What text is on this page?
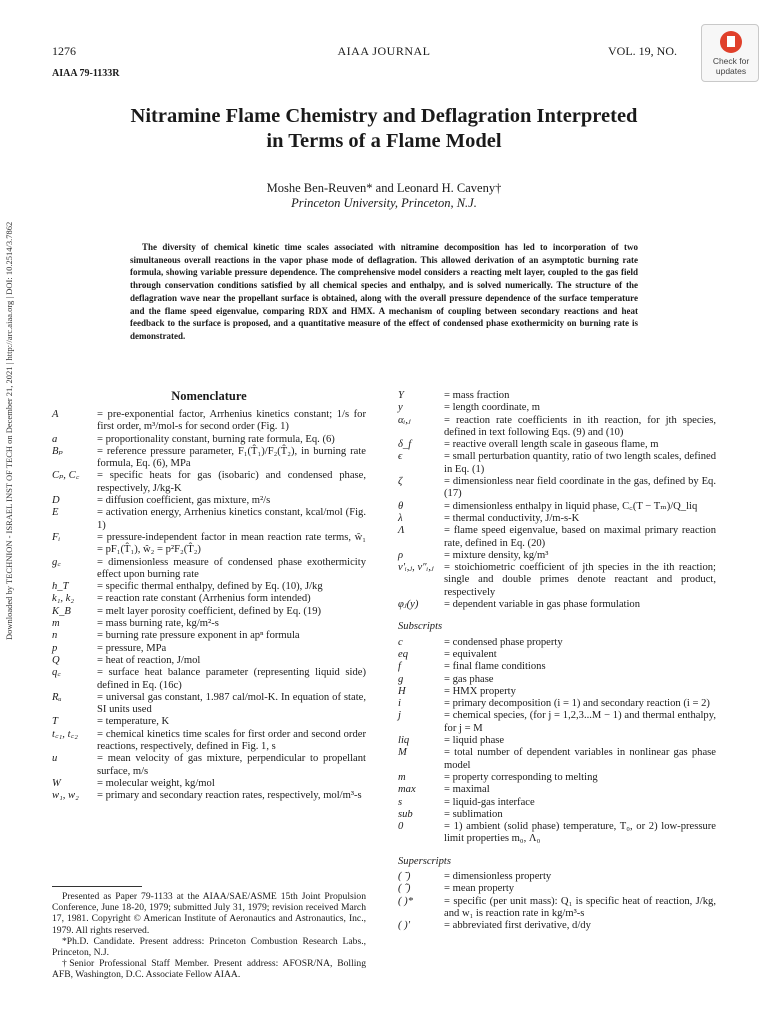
1276	AIAA JOURNAL	VOL. 19, NO.
Check for
updates
AIAA 79-1133R
Downloaded by TECHNION - ISRAEL INST OF TECH on December 21, 2021 | http://arc.aiaa.org | DOI: 10.2514/3.7862
Nitramine Flame Chemistry and Deflagration Interpreted
in Terms of a Flame Model
Moshe Ben-Reuven* and Leonard H. Caveny†
Princeton University, Princeton, N.J.

The diversity of chemical kinetic time scales associated with nitramine decomposition has led to incorporation of two simultaneous overall reactions in the vapor phase mode of deflagration. This allowed derivation of an asymptotic burning rate formula, showing variable pressure dependence. The comprehensive model considers a reacting melt layer, coupled to the gas field through conservation conditions satisfied by all chemical species and enthalpy, and is solved numerically. The structure of the deflagration wave near the propellant surface is obtained, along with the overall pressure dependence of the surface temperature and the flame speed eigenvalue, comparing RDX and HMX. A mechanism of coupling between secondary reactions and heat feedback to the surface is proposed, and a quantitative measure of the effect of condensed phase exothermicity on burning rate is demonstrated.

Nomenclature
A	= pre-exponential factor, Arrhenius kinetics constant; 1/s for first order, m³/mol-s for second order (Fig. 1)
a	= proportionality constant, burning rate formula, Eq. (6)
Bₚ	= reference pressure parameter, F₁(T̂₁)/F₂(T̂₂), in burning rate formula, Eq. (6), MPa
Cₚ, C꜀	= specific heats for gas (isobaric) and condensed phase, respectively, J/kg-K
D	= diffusion coefficient, gas mixture, m²/s
E	= activation energy, Arrhenius kinetics constant, kcal/mol (Fig. 1)
Fᵢ	= pressure-independent factor in mean reaction rate terms, ŵ₁ = pF₁(T̂₁), ŵ₂ = p²F₂(T̂₂)
g꜀	= dimensionless measure of condensed phase exothermicity effect upon burning rate
h_T	= specific thermal enthalpy, defined by Eq. (10), J/kg
k₁, k₂	= reaction rate constant (Arrhenius form intended)
K_B	= melt layer porosity coefficient, defined by Eq. (19)
m	= mass burning rate, kg/m²-s
n	= burning rate pressure exponent in apⁿ formula
p	= pressure, MPa
Q	= heat of reaction, J/mol
q꜀	= surface heat balance parameter (representing liquid side) defined in Eq. (16c)
Rᵤ	= universal gas constant, 1.987 cal/mol-K. In equation of state, SI units used
T	= temperature, K
t꜀₁, t꜀₂	= chemical kinetics time scales for first order and second order reactions, respectively, defined in Fig. 1, s
u	= mean velocity of gas mixture, perpendicular to propellant surface, m/s
W	= molecular weight, kg/mol
w₁, w₂	= primary and secondary reaction rates, respectively, mol/m³-s
Y	= mass fraction
y	= length coordinate, m
αᵢ,ⱼ	= reaction rate coefficients in ith reaction, for jth species, defined in text following Eqs. (9) and (10)
δ_f	= reactive overall length scale in gaseous flame, m
ϵ	= small perturbation quantity, ratio of two length scales, defined in Eq. (1)
ζ	= dimensionless near field coordinate in the gas, defined by Eq. (17)
θ	= dimensionless enthalpy in liquid phase, C꜀(T − Tₘ)/Q_liq
λ	= thermal conductivity, J/m-s-K
Λ	= flame speed eigenvalue, based on maximal primary reaction rate, defined in Eq. (20)
ρ	= mixture density, kg/m³
ν′ᵢ,ⱼ, ν″ᵢ,ⱼ = stoichiometric coefficient of jth species in the ith reaction; single and double primes denote reactant and product, respectively
φⱼ(y)	= dependent variable in gas phase formulation
Subscripts
c	= condensed phase property
eq	= equivalent
f	= final flame conditions
g	= gas phase
H	= HMX property
i	= primary decomposition (i = 1) and secondary reaction (i = 2)
j	= chemical species, (for j = 1,2,3...M − 1) and thermal enthalpy, for j = M
liq	= liquid phase
M	= total number of dependent variables in nonlinear gas phase model
m	= property corresponding to melting
max	= maximal
s	= liquid-gas interface
sub	= sublimation
0	= 1) ambient (solid phase) temperature, T₀, or 2) low-pressure limit properties m₀, Λ₀
Superscripts
( ̃ )	= dimensionless property
( ̂ )	= mean property
( )*	= specific (per unit mass): Q₁ is specific heat of reaction, J/kg, and w₁ is reaction rate in kg/m³-s
( )′	= abbreviated first derivative, d/dy

Presented as Paper 79-1133 at the AIAA/SAE/ASME 15th Joint Propulsion Conference, June 18-20, 1979; submitted July 31, 1979; revision received March 17, 1981. Copyright © American Institute of Aeronautics and Astronautics, Inc., 1979. All rights reserved.

*Ph.D. Candidate. Present address: Princeton Combustion Research Labs., Princeton, N.J.

†Senior Professional Staff Member. Present address: AFOSR/NA, Bolling AFB, Washington, D.C. Associate Fellow AIAA.
